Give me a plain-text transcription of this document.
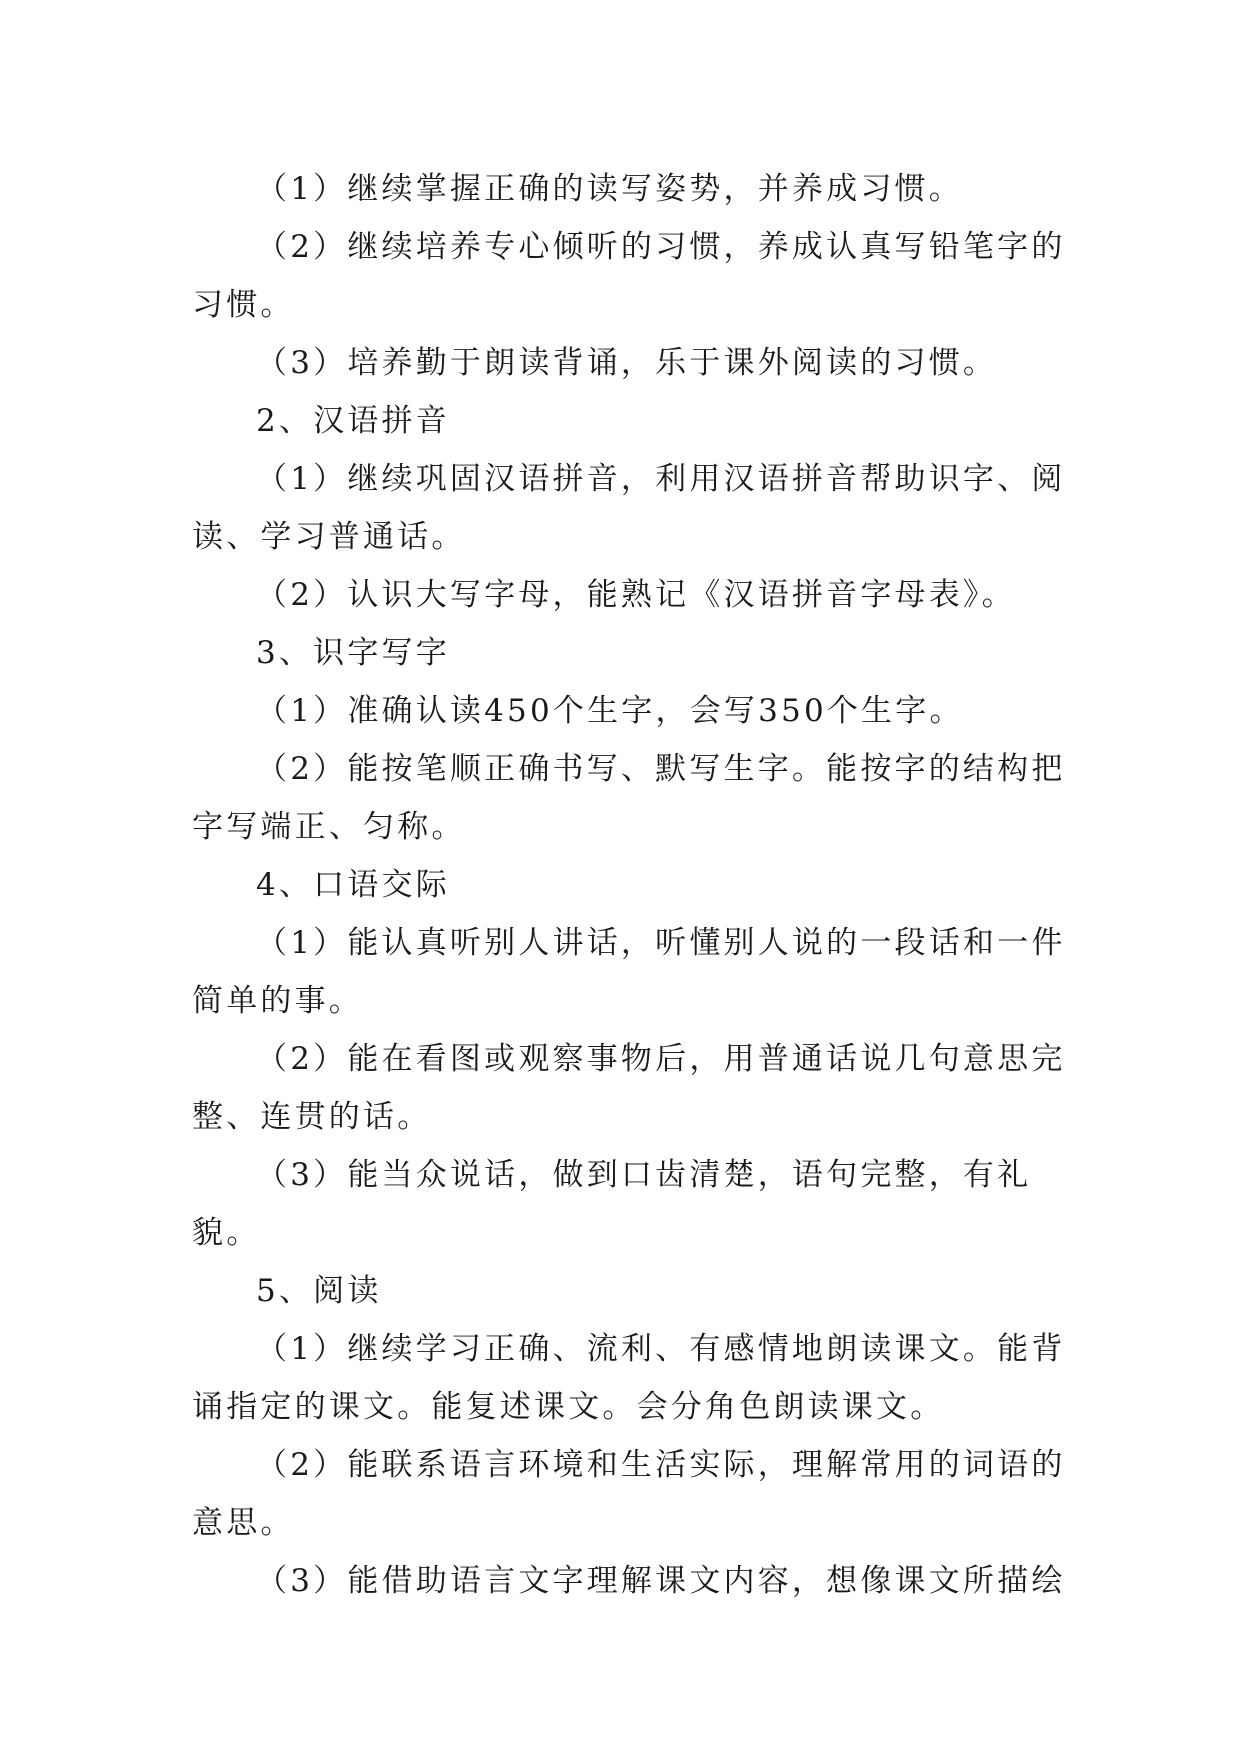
（1）继续掌握正确的读写姿势，并养成习惯。

（2）继续培养专心倾听的习惯，养成认真写铅笔字的习惯。

（3）培养勤于朗读背诵，乐于课外阅读的习惯。

2、汉语拼音

（1）继续巩固汉语拼音，利用汉语拼音帮助识字、阅读、学习普通话。

（2）认识大写字母，能熟记《汉语拼音字母表》。

3、识字写字

（1）准确认读450个生字，会写350个生字。

（2）能按笔顺正确书写、默写生字。能按字的结构把字写端正、匀称。

4、口语交际

（1）能认真听别人讲话，听懂别人说的一段话和一件简单的事。

（2）能在看图或观察事物后，用普通话说几句意思完整、连贯的话。

（3）能当众说话，做到口齿清楚，语句完整，有礼貌。

5、阅读

（1）继续学习正确、流利、有感情地朗读课文。能背诵指定的课文。能复述课文。会分角色朗读课文。

（2）能联系语言环境和生活实际，理解常用的词语的意思。

（3）能借助语言文字理解课文内容，想像课文所描绘
